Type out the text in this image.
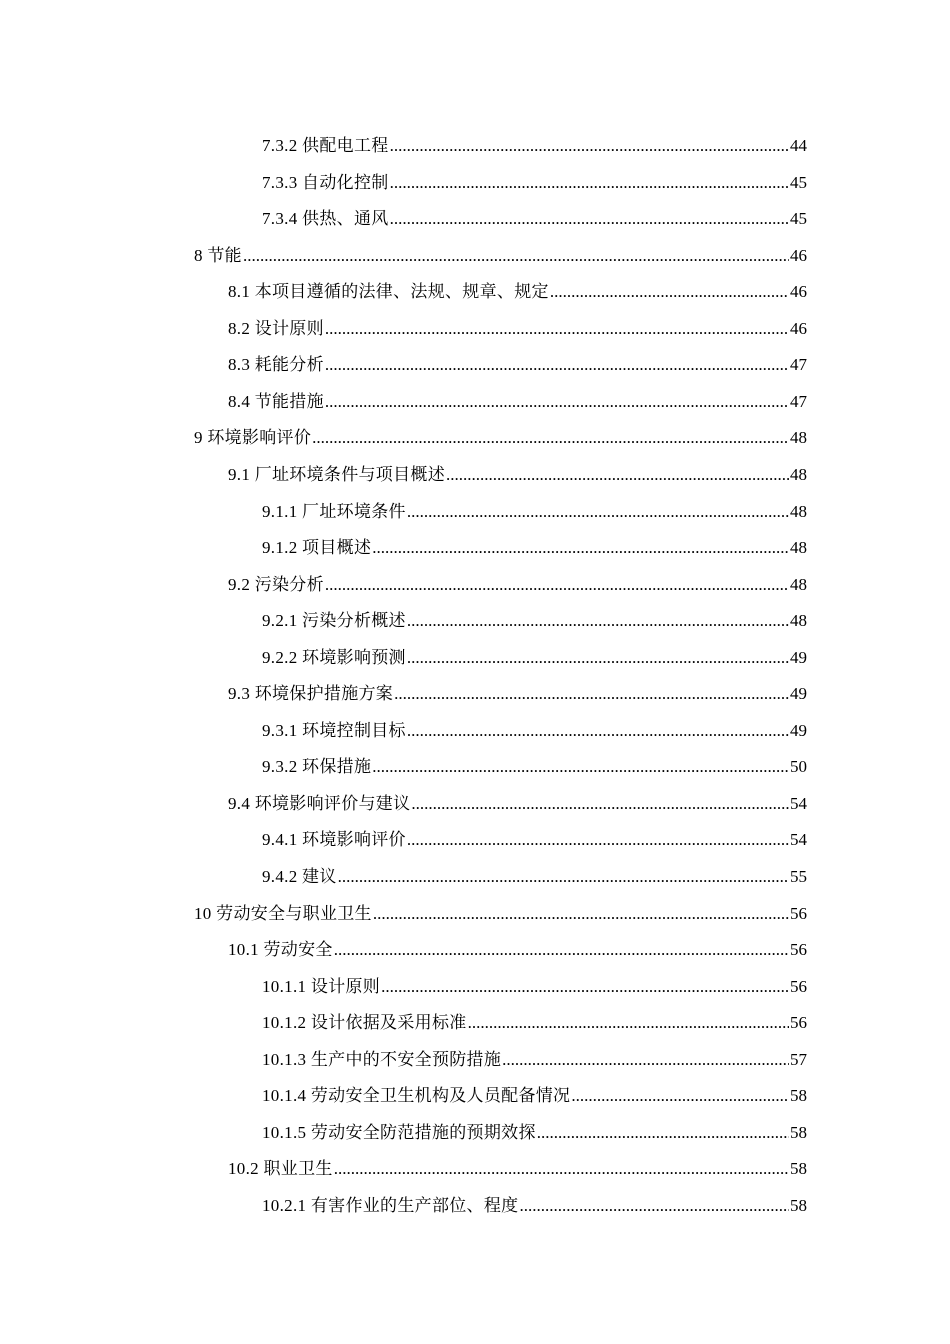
7.3.2 供配电工程 .....	44
7.3.3 自动化控制 .....	45
7.3.4 供热、通风 .....	45
8 节能 .....	46
8.1 本项目遵循的法律、法规、规章、规定 .....	46
8.2 设计原则 .....	46
8.3 耗能分析 .....	47
8.4 节能措施 .....	47
9 环境影响评价 .....	48
9.1 厂址环境条件与项目概述 .....	48
9.1.1 厂址环境条件 .....	48
9.1.2 项目概述 .....	48
9.2 污染分析 .....	48
9.2.1 污染分析概述 .....	48
9.2.2 环境影响预测 .....	49
9.3 环境保护措施方案 .....	49
9.3.1 环境控制目标 .....	49
9.3.2 环保措施 .....	50
9.4 环境影响评价与建议 .....	54
9.4.1 环境影响评价 .....	54
9.4.2 建议 .....	55
10 劳动安全与职业卫生 .....	56
10.1 劳动安全 .....	56
10.1.1 设计原则 .....	56
10.1.2 设计依据及采用标准 .....	56
10.1.3 生产中的不安全预防措施 .....	57
10.1.4 劳动安全卫生机构及人员配备情况 .....	58
10.1.5 劳动安全防范措施的预期效探 .....	58
10.2 职业卫生 .....	58
10.2.1 有害作业的生产部位、程度 .....	58
